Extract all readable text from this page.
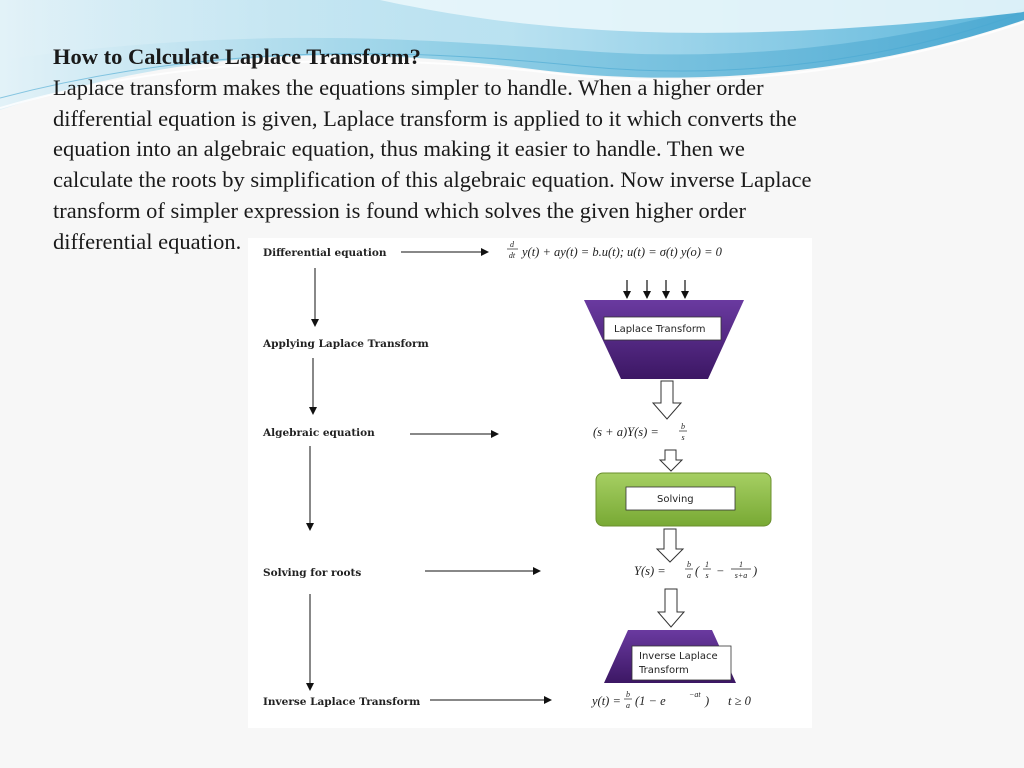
How to Calculate Laplace Transform?
Laplace transform makes the equations simpler to handle. When a higher order
differential equation is given, Laplace transform is applied to it which converts the
equation into an algebraic equation, thus making it easier to handle. Then we
calculate the roots by simplification of this algebraic equation. Now inverse Laplace
transform of simpler expression is found which solves the given higher order
differential equation.	Differential equation
Applying Laplace Transform
Algebraic equation
Solving for roots
Inverse Laplace Transform
d
dt y(t) + ay(t) = b.u(t); u(t) = σ(t) y(o) = 0
Laplace Transform
(s + a)Y(s) =	b
s
Solving
Y(s) =	b
a ( 1
s − 1
s+a )
Inverse Laplace
Transform
y(t) = b
a (1 − e	−at ) t ≥ 0
